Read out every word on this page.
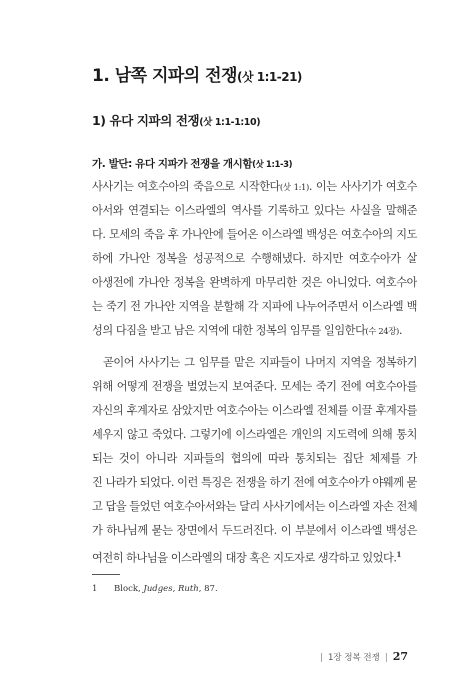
1. 남쪽 지파의 전쟁(삿 1:1-21)
1) 유다 지파의 전쟁(삿 1:1-1:10)
가. 발단: 유다 지파가 전쟁을 개시함(삿 1:1-3)
사사기는 여호수아의 죽음으로 시작한다(삿 1:1). 이는 사사기가 여호수
아서와 연결되는 이스라엘의 역사를 기록하고 있다는 사실을 말해준
다. 모세의 죽음 후 가나안에 들어온 이스라엘 백성은 여호수아의 지도
하에 가나안 정복을 성공적으로 수행해냈다. 하지만 여호수아가 살
아생전에 가나안 정복을 완벽하게 마무리한 것은 아니었다. 여호수아
는 죽기 전 가나안 지역을 분할해 각 지파에 나누어주면서 이스라엘 백
성의 다짐을 받고 남은 지역에 대한 정복의 임무를 일임한다(수 24장).
곧이어 사사기는 그 임무를 맡은 지파들이 나머지 지역을 정복하기
위해 어떻게 전쟁을 벌였는지 보여준다. 모세는 죽기 전에 여호수아를
자신의 후계자로 삼았지만 여호수아는 이스라엘 전체를 이끌 후계자를
세우지 않고 죽었다. 그렇기에 이스라엘은 개인의 지도력에 의해 통치
되는 것이 아니라 지파들의 협의에 따라 통치되는 집단 체제를 가
진 나라가 되었다. 이런 특징은 전쟁을 하기 전에 여호수아가 야웨께 묻
고 답을 들었던 여호수아서와는 달리 사사기에서는 이스라엘 자손 전체
가 하나님께 묻는 장면에서 두드러진다. 이 부분에서 이스라엘 백성은
여전히 하나님을 이스라엘의 대장 혹은 지도자로 생각하고 있었다.$^1$
1 Block, Judges, Ruth, 87.
| 1장 정복 전쟁 | 27
